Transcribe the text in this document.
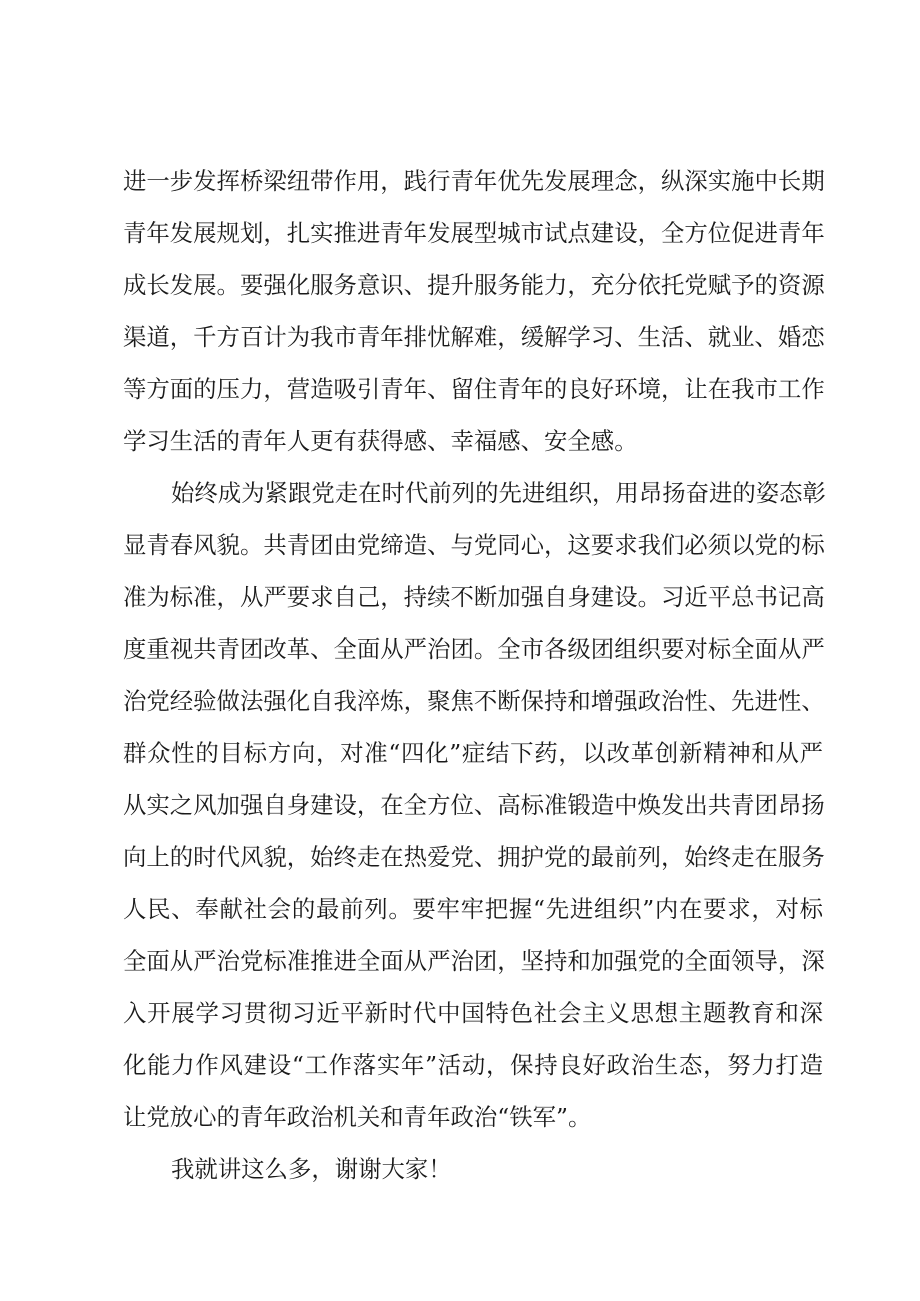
进一步发挥桥梁纽带作用，践行青年优先发展理念，纵深实施中长期

青年发展规划，扎实推进青年发展型城市试点建设，全方位促进青年

成长发展。要强化服务意识、提升服务能力，充分依托党赋予的资源

渠道，千方百计为我市青年排忧解难，缓解学习、生活、就业、婚恋

等方面的压力，营造吸引青年、留住青年的良好环境，让在我市工作

学习生活的青年人更有获得感、幸福感、安全感。

始终成为紧跟党走在时代前列的先进组织，用昂扬奋进的姿态彰

显青春风貌。共青团由党缔造、与党同心，这要求我们必须以党的标

准为标准，从严要求自己，持续不断加强自身建设。习近平总书记高

度重视共青团改革、全面从严治团。全市各级团组织要对标全面从严

治党经验做法强化自我淬炼，聚焦不断保持和增强政治性、先进性、

群众性的目标方向，对准“四化”症结下药，以改革创新精神和从严

从实之风加强自身建设，在全方位、高标准锻造中焕发出共青团昂扬

向上的时代风貌，始终走在热爱党、拥护党的最前列，始终走在服务

人民、奉献社会的最前列。要牢牢把握“先进组织”内在要求，对标

全面从严治党标准推进全面从严治团，坚持和加强党的全面领导，深

入开展学习贯彻习近平新时代中国特色社会主义思想主题教育和深

化能力作风建设“工作落实年”活动，保持良好政治生态，努力打造

让党放心的青年政治机关和青年政治“铁军”。

我就讲这么多，谢谢大家！
